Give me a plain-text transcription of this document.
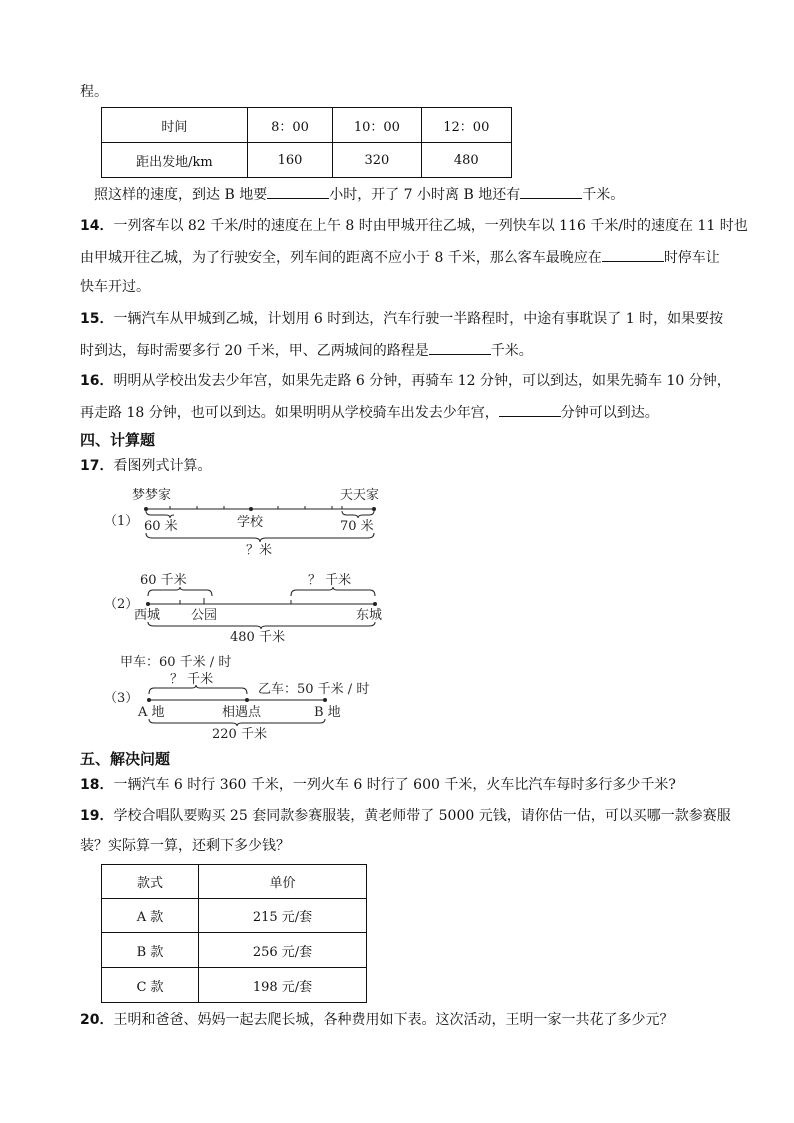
程。
时间	8：00	10：00	12：00
距出发地/km	160	320	480
照这样的速度，到达 B 地要	小时，开了 7 小时离 B 地还有	千米。
14．一列客车以 82 千米/时的速度在上午 8 时由甲城开往乙城，一列快车以 116 千米/时的速度在 11 时也
由甲城开往乙城，为了行驶安全，列车间的距离不应小于 8 千米，那么客车最晚应在	时停车让
快车开过。
15．一辆汽车从甲城到乙城，计划用 6 时到达，汽车行驶一半路程时，中途有事耽误了 1 时，如果要按
时到达，每时需要多行 20 千米，甲、乙两城间的路程是	千米。
16．明明从学校出发去少年宫，如果先走路 6 分钟，再骑车 12 分钟，可以到达，如果先骑车 10 分钟，
再走路 18 分钟，也可以到达。如果明明从学校骑车出发去少年宫，	分钟可以到达。
四、计算题
17．看图列式计算。
（1）
梦梦家	天天家
60 米	学校	70 米
？米
（2）
60 千米	？ 千米
西城 公园	东城
480 千米
甲车：60 千米 / 时
？ 千米
（3）
乙车：50 千米 / 时
A 地	相遇点	B 地
220 千米
五、解决问题
18．一辆汽车 6 时行 360 千米，一列火车 6 时行了 600 千米，火车比汽车每时多行多少千米?
19．学校合唱队要购买 25 套同款参赛服装，黄老师带了 5000 元钱，请你估一估，可以买哪一款参赛服
装？实际算一算，还剩下多少钱？
款式	单价
A 款	215 元/套
B 款	256 元/套
C 款	198 元/套
20．王明和爸爸、妈妈一起去爬长城，各种费用如下表。这次活动，王明一家一共花了多少元？
